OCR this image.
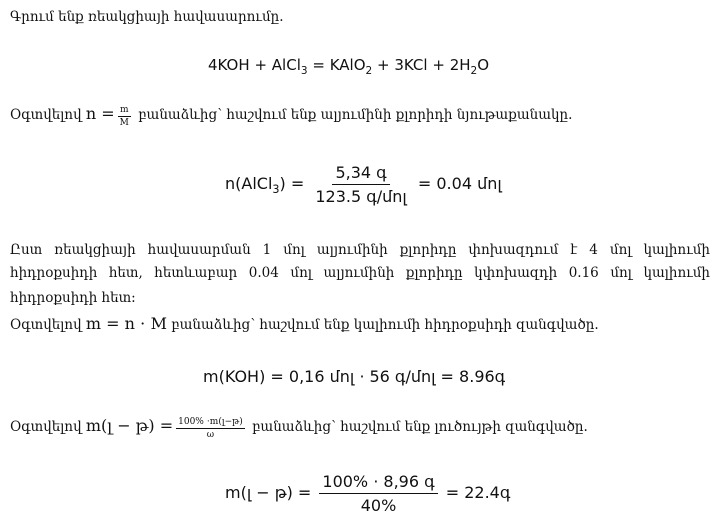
Գրում ենք ռեակցիայի հավասարումը.
4KOH + AlCl$_3$ = KAlO$_2$ + $3KCl + 2H_2O$
Օգտվելով $n = \frac{m}{M}$ բանաձևից՝ հաշվում ենք ալյումինի քլորիդի նյութաքանակը.
n(AlCl$_3$) = $\frac{\text{5,34 գ}}{\text{123.5 գ/մոլ}} = 0.04$ մոլ
Ըստ ռեակցիայի հավասարման 1 մոլ ալյումինի քլորիդը փոխազդում է 4 մոլ կալիումի
հիդրօքսիդի հետ, հետևաբար 0.04 մոլ ալյումինի քլորիդը կփոխազդի 0.16 մոլ կալիումի
հիդրօքսիդի հետ:
Օգտվելով m = n ⋅ M բանաձևից՝ հաշվում ենք կալիումի հիդրօքսիդի զանգվածը.
m(KOH) = 0,16 մոլ ⋅ 56 գ/մոլ = 8.96գ
Օգտվելով m(լ − թ) = $\frac{\text{100\% ⋅m(լ−թ)}}{\omega}$ բանաձևից՝ հաշվում ենք լուծույթի զանգվածը.
m(լ − թ) = $\frac{\text{100\% ⋅ 8,96 գ}}{40\%}$ = 22.4գ
